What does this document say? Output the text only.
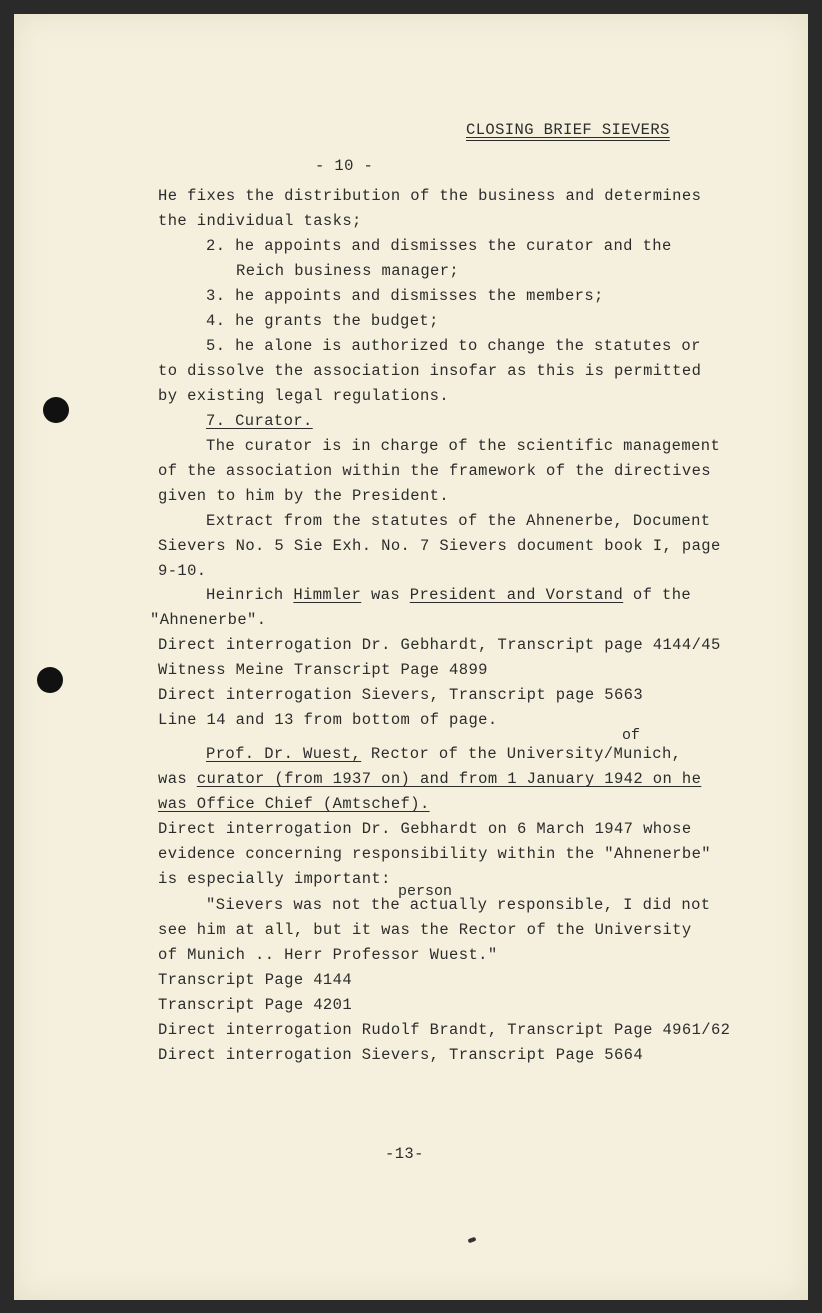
CLOSING BRIEF SIEVERS
- 10 -
He fixes the distribution of the business and determines
the individual tasks;
2. he appoints and dismisses the curator and the
Reich business manager;
3. he appoints and dismisses the members;
4. he grants the budget;
5. he alone is authorized to change the statutes or
to dissolve the association insofar as this is permitted
by existing legal regulations.
7. Curator.
The curator is in charge of the scientific management
of the association within the framework of the directives
given to him by the President.
Extract from the statutes of the Ahnenerbe, Document
Sievers No. 5 Sie Exh. No. 7 Sievers document book I, page
9-10.
Heinrich Himmler was President and Vorstand of the
"Ahnenerbe".
Direct interrogation Dr. Gebhardt, Transcript page 4144/45
Witness Meine Transcript Page 4899
Direct interrogation Sievers, Transcript page 5663
Line 14 and 13 from bottom of page.
of
Prof. Dr. Wuest, Rector of the University/Munich,
was curator (from 1937 on) and from 1 January 1942 on he
was Office Chief (Amtschef).
Direct interrogation Dr. Gebhardt on 6 March 1947 whose
evidence concerning responsibility within the "Ahnenerbe"
is especially important:
person
"Sievers was not the actually responsible, I did not
see him at all, but it was the Rector of the University
of Munich .. Herr Professor Wuest."
Transcript Page 4144
Transcript Page 4201
Direct interrogation Rudolf Brandt, Transcript Page 4961/62
Direct interrogation Sievers, Transcript Page 5664
-13-
